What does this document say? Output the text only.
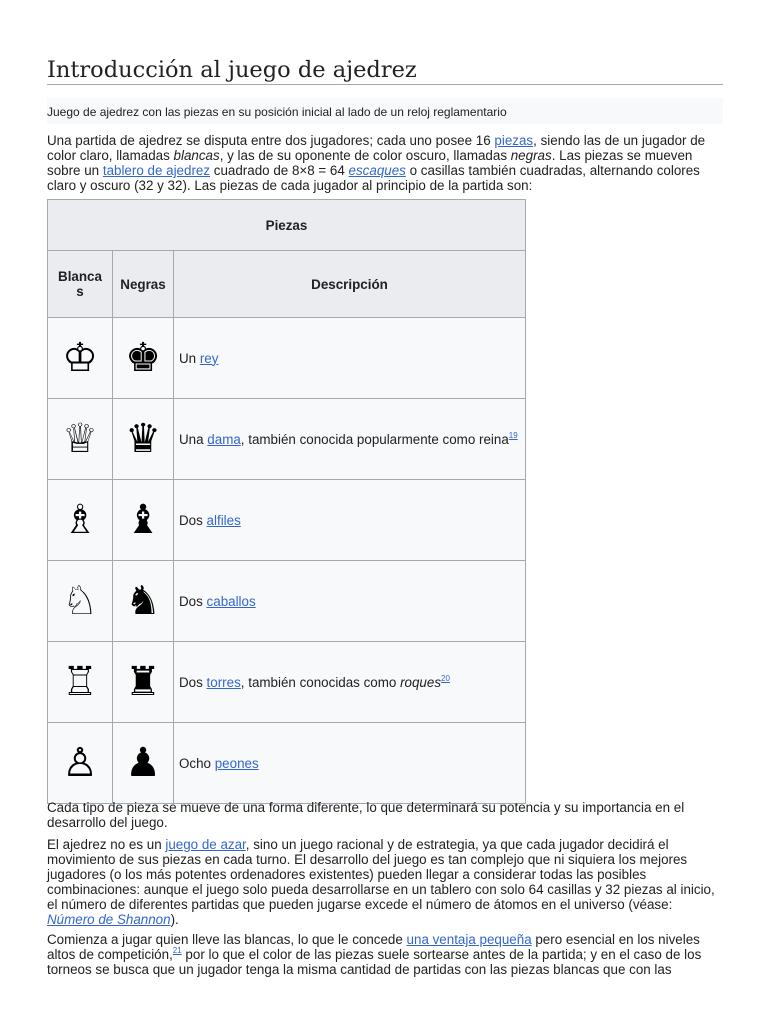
Introducción al juego de ajedrez
Juego de ajedrez con las piezas en su posición inicial al lado de un reloj reglamentario

Una partida de ajedrez se disputa entre dos jugadores; cada uno posee 16 piezas, siendo las de un jugador de color claro, llamadas blancas, y las de su oponente de color oscuro, llamadas negras. Las piezas se mueven sobre un tablero de ajedrez cuadrado de 8×8 = 64 escaques o casillas también cuadradas, alternando colores claro y oscuro (32 y 32). Las piezas de cada jugador al principio de la partida son:

Piezas		

Blanca s	Negras	Descripción
♔	♚	Un rey
♕	♛	Una dama, también conocida popularmente como reina$^{19}$
♗	♝	Dos alfiles
♘	♞	Dos caballos
♖	♜	Dos torres, también conocidas como roques$^{20}$
♙	♟	Ocho peones

Cada tipo de pieza se mueve de una forma diferente, lo que determinará su potencia y su importancia en el desarrollo del juego.

El ajedrez no es un juego de azar, sino un juego racional y de estrategia, ya que cada jugador decidirá el movimiento de sus piezas en cada turno. El desarrollo del juego es tan complejo que ni siquiera los mejores jugadores (o los más potentes ordenadores existentes) pueden llegar a considerar todas las posibles combinaciones: aunque el juego solo pueda desarrollarse en un tablero con solo 64 casillas y 32 piezas al inicio, el número de diferentes partidas que pueden jugarse excede el número de átomos en el universo (véase: Número de Shannon).

Comienza a jugar quien lleve las blancas, lo que le concede una ventaja pequeña pero esencial en los niveles altos de competición,$^{21}$ por lo que el color de las piezas suele sortearse antes de la partida; y en el caso de los torneos se busca que un jugador tenga la misma cantidad de partidas con las piezas blancas que con las
